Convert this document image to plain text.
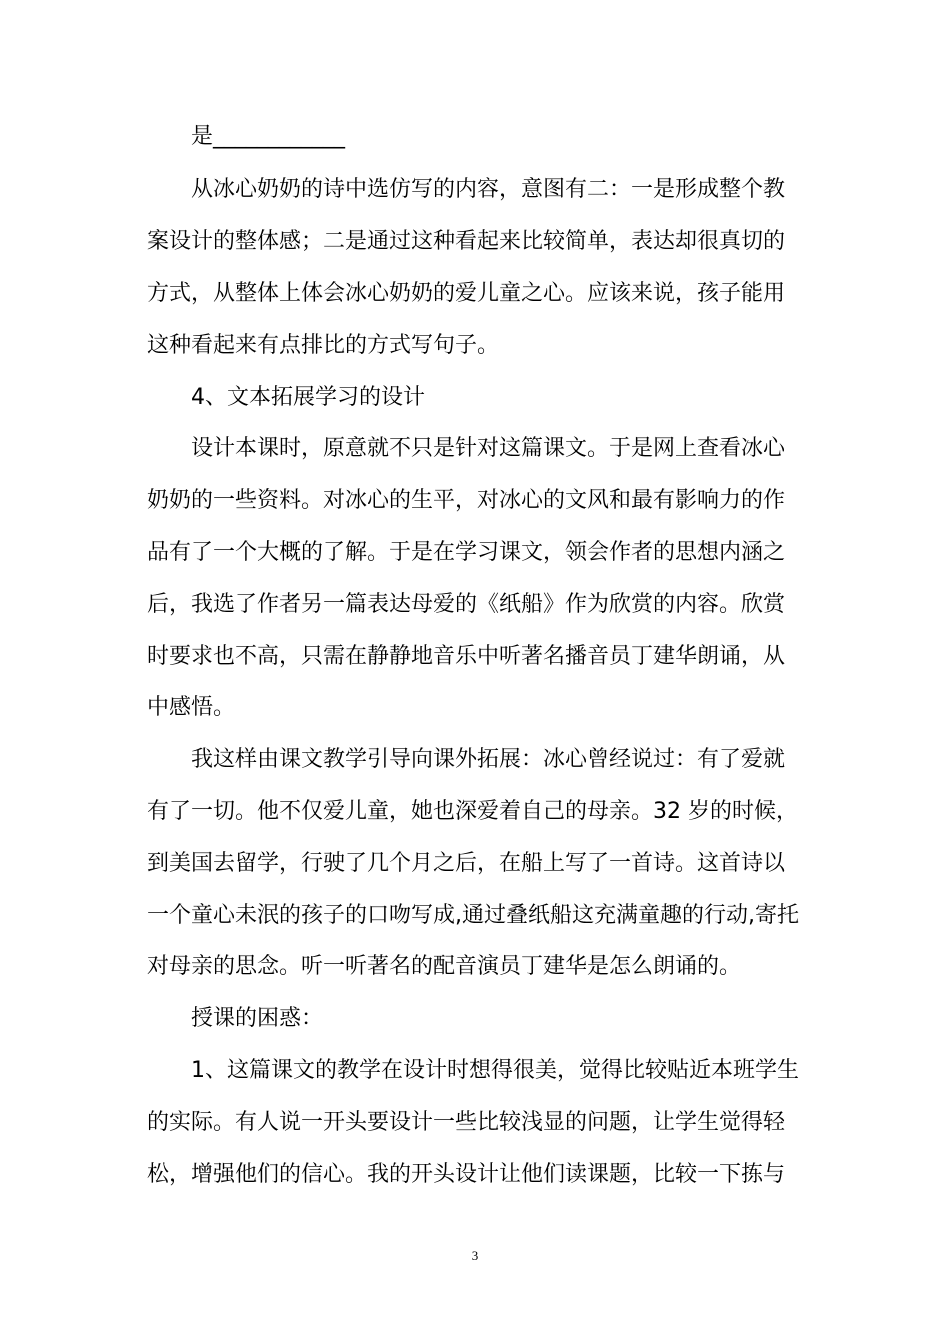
是____________
从冰心奶奶的诗中选仿写的内容，意图有二：一是形成整个教
案设计的整体感；二是通过这种看起来比较简单，表达却很真切的
方式，从整体上体会冰心奶奶的爱儿童之心。应该来说，孩子能用
这种看起来有点排比的方式写句子。
4、文本拓展学习的设计
设计本课时，原意就不只是针对这篇课文。于是网上查看冰心
奶奶的一些资料。对冰心的生平，对冰心的文风和最有影响力的作
品有了一个大概的了解。于是在学习课文，领会作者的思想内涵之
后，我选了作者另一篇表达母爱的《纸船》作为欣赏的内容。欣赏
时要求也不高，只需在静静地音乐中听著名播音员丁建华朗诵，从
中感悟。
我这样由课文教学引导向课外拓展：冰心曾经说过：有了爱就
有了一切。他不仅爱儿童，她也深爱着自己的母亲。32 岁的时候，
到美国去留学，行驶了几个月之后，在船上写了一首诗。这首诗以
一个童心未泯的孩子的口吻写成,通过叠纸船这充满童趣的行动,寄托
对母亲的思念。听一听著名的配音演员丁建华是怎么朗诵的。
授课的困惑：
1、这篇课文的教学在设计时想得很美，觉得比较贴近本班学生
的实际。有人说一开头要设计一些比较浅显的问题，让学生觉得轻
松，增强他们的信心。我的开头设计让他们读课题，比较一下拣与
3
